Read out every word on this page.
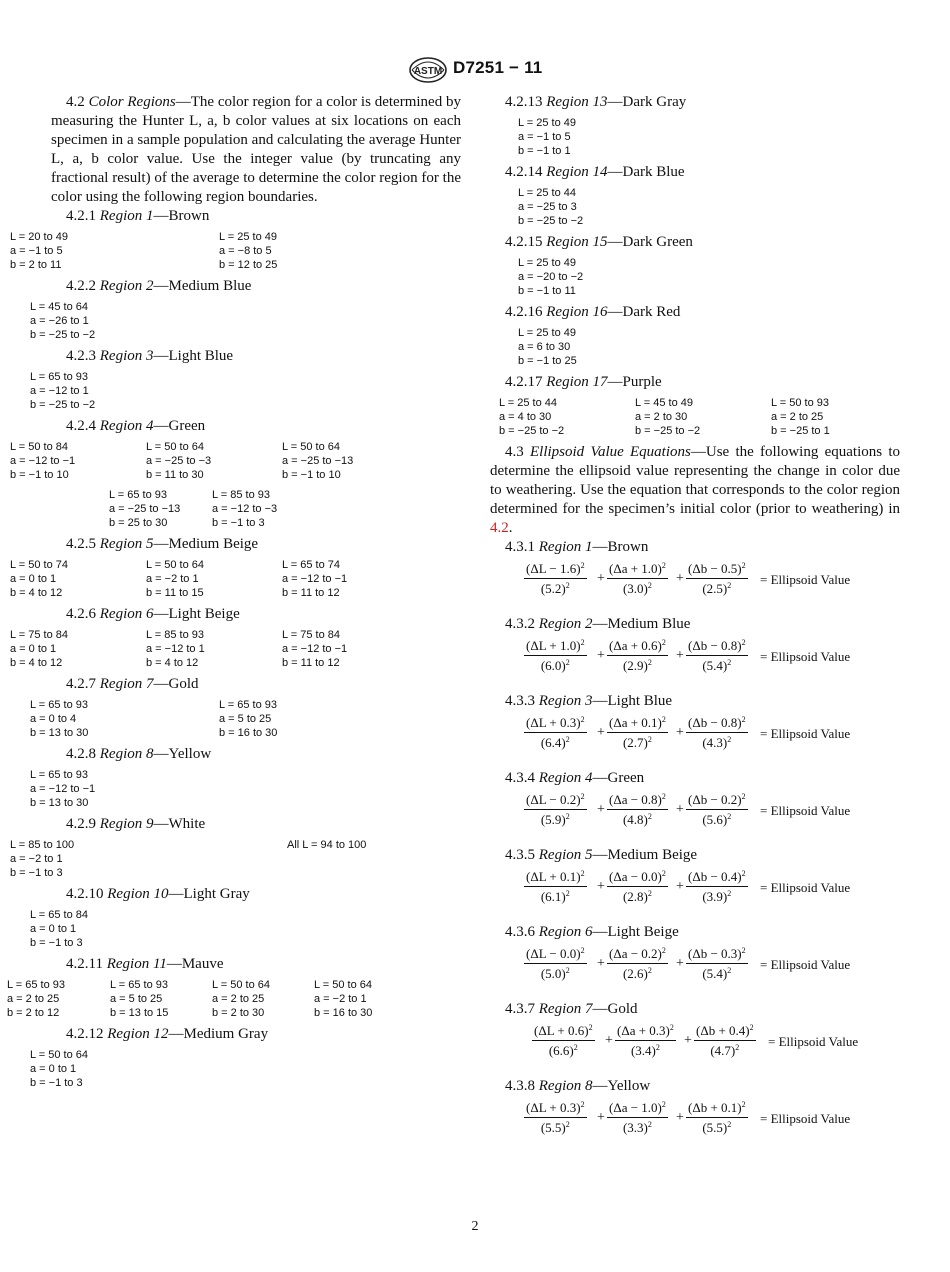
ASTM D7251 − 11

4.2 Color Regions—The color region for a color is determined by measuring the Hunter L, a, b color values at six locations on each specimen in a sample population and calculating the average Hunter L, a, b color value. Use the integer value (by truncating any fractional result) of the average to determine the color region for the color using the following region boundaries.

4.2.1 Region 1—Brown

L = 20 to 49
a = −1 to 5
b = 2 to 11
L = 25 to 49
a = −8 to 5
b = 12 to 25

4.2.2 Region 2—Medium Blue

L = 45 to 64
a = −26 to 1
b = −25 to −2

4.2.3 Region 3—Light Blue

L = 65 to 93
a = −12 to 1
b = −25 to −2

4.2.4 Region 4—Green

L = 50 to 84
a = −12 to −1
b = −1 to 10
L = 50 to 64
a = −25 to −3
b = 11 to 30
L = 50 to 64
a = −25 to −13
b = −1 to 10
L = 65 to 93
a = −25 to −13
b = 25 to 30
L = 85 to 93
a = −12 to −3
b = −1 to 3

4.2.5 Region 5—Medium Beige

L = 50 to 74
a = 0 to 1
b = 4 to 12
L = 50 to 64
a = −2 to 1
b = 11 to 15
L = 65 to 74
a = −12 to −1
b = 11 to 12

4.2.6 Region 6—Light Beige

L = 75 to 84
a = 0 to 1
b = 4 to 12
L = 85 to 93
a = −12 to 1
b = 4 to 12
L = 75 to 84
a = −12 to −1
b = 11 to 12

4.2.7 Region 7—Gold

L = 65 to 93
a = 0 to 4
b = 13 to 30
L = 65 to 93
a = 5 to 25
b = 16 to 30

4.2.8 Region 8—Yellow

L = 65 to 93
a = −12 to −1
b = 13 to 30

4.2.9 Region 9—White

L = 85 to 100
a = −2 to 1
b = −1 to 3
All L = 94 to 100

4.2.10 Region 10—Light Gray

L = 65 to 84
a = 0 to 1
b = −1 to 3

4.2.11 Region 11—Mauve

L = 65 to 93
a = 2 to 25
b = 2 to 12
L = 65 to 93
a = 5 to 25
b = 13 to 15
L = 50 to 64
a = 2 to 25
b = 2 to 30
L = 50 to 64
a = −2 to 1
b = 16 to 30

4.2.12 Region 12—Medium Gray

L = 50 to 64
a = 0 to 1
b = −1 to 3

4.2.13 Region 13—Dark Gray

L = 25 to 49
a = −1 to 5
b = −1 to 1

4.2.14 Region 14—Dark Blue

L = 25 to 44
a = −25 to 3
b = −25 to −2

4.2.15 Region 15—Dark Green

L = 25 to 49
a = −20 to −2
b = −1 to 11

4.2.16 Region 16—Dark Red

L = 25 to 49
a = 6 to 30
b = −1 to 25

4.2.17 Region 17—Purple

L = 25 to 44
a = 4 to 30
b = −25 to −2
L = 45 to 49
a = 2 to 30
b = −25 to −2
L = 50 to 93
a = 2 to 25
b = −25 to 1

4.3 Ellipsoid Value Equations—Use the following equations to determine the ellipsoid value representing the change in color due to weathering. Use the equation that corresponds to the color region determined for the specimen’s initial color (prior to weathering) in 4.2.

4.3.1 Region 1—Brown

$\frac{(\Delta L - 1.6)^2}{(5.2)^2} \frac{(\Delta a + 1.0)^2}{(3.0)^2} \frac{(\Delta b - 0.5)^2}{(2.5)^2}$
+	+	= Ellipsoid Value

4.3.2 Region 2—Medium Blue

$\frac{(\Delta L + 1.0)^2}{(6.0)^2} \frac{(\Delta a + 0.6)^2}{(2.9)^2} \frac{(\Delta b - 0.8)^2}{(5.4)^2}$
+	+	= Ellipsoid Value

4.3.3 Region 3—Light Blue

$\frac{(\Delta L + 0.3)^2}{(6.4)^2} \frac{(\Delta a + 0.1)^2}{(2.7)^2} \frac{(\Delta b - 0.8)^2}{(4.3)^2}$
+	+	= Ellipsoid Value

4.3.4 Region 4—Green

$\frac{(\Delta L - 0.2)^2}{(5.9)^2} \frac{(\Delta a - 0.8)^2}{(4.8)^2} \frac{(\Delta b - 0.2)^2}{(5.6)^2}$
+	+	= Ellipsoid Value

4.3.5 Region 5—Medium Beige

$\frac{(\Delta L + 0.1)^2}{(6.1)^2} \frac{(\Delta a - 0.0)^2}{(2.8)^2} \frac{(\Delta b - 0.4)^2}{(3.9)^2}$
+	+	= Ellipsoid Value

4.3.6 Region 6—Light Beige

$\frac{(\Delta L - 0.0)^2}{(5.0)^2} \frac{(\Delta a - 0.2)^2}{(2.6)^2} \frac{(\Delta b - 0.3)^2}{(5.4)^2}$
+	+	= Ellipsoid Value

4.3.7 Region 7—Gold

$\frac{(\Delta L + 0.6)^2}{(6.6)^2} \frac{(\Delta a + 0.3)^2}{(3.4)^2} \frac{(\Delta b + 0.4)^2}{(4.7)^2}$
+	+	= Ellipsoid Value

4.3.8 Region 8—Yellow

$\frac{(\Delta L + 0.3)^2}{(5.5)^2} \frac{(\Delta a - 1.0)^2}{(3.3)^2} \frac{(\Delta b + 0.1)^2}{(5.5)^2}$
+	+	= Ellipsoid Value
2
